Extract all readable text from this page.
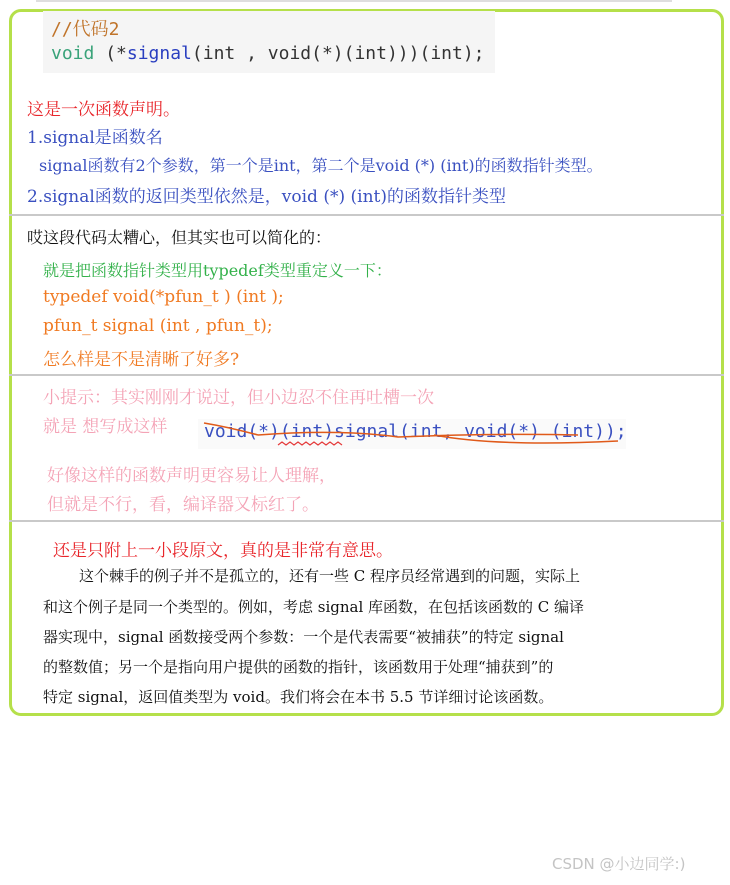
//代码2
void (*signal(int , void(*)(int)))(int);
这是一次函数声明。
1.signal是函数名
signal函数有2个参数，第一个是int，第二个是void (*) (int)的函数指针类型。
2.signal函数的返回类型依然是，void (*) (int)的函数指针类型
哎这段代码太糟心，但其实也可以简化的：
就是把函数指针类型用typedef类型重定义一下：
typedef void(*pfun_t ) (int );
pfun_t signal (int , pfun_t);
怎么样是不是清晰了好多?
小提示：其实刚刚才说过，但小边忍不住再吐槽一次
就是 想写成这样 void(*)(int)signal(int, void(*) (int));
好像这样的函数声明更容易让人理解，
但就是不行，看，编译器又标红了。
还是只附上一小段原文，真的是非常有意思。
这个棘手的例子并不是孤立的，还有一些 C 程序员经常遇到的问题，实际上
和这个例子是同一个类型的。例如，考虑 signal 库函数，在包括该函数的 C 编译
器实现中，signal 函数接受两个参数：一个是代表需要“被捕获”的特定 signal
的整数值；另一个是指向用户提供的函数的指针，该函数用于处理“捕获到”的
特定 signal，返回值类型为 void。我们将会在本书 5.5 节详细讨论该函数。
CSDN @小边同学:)
